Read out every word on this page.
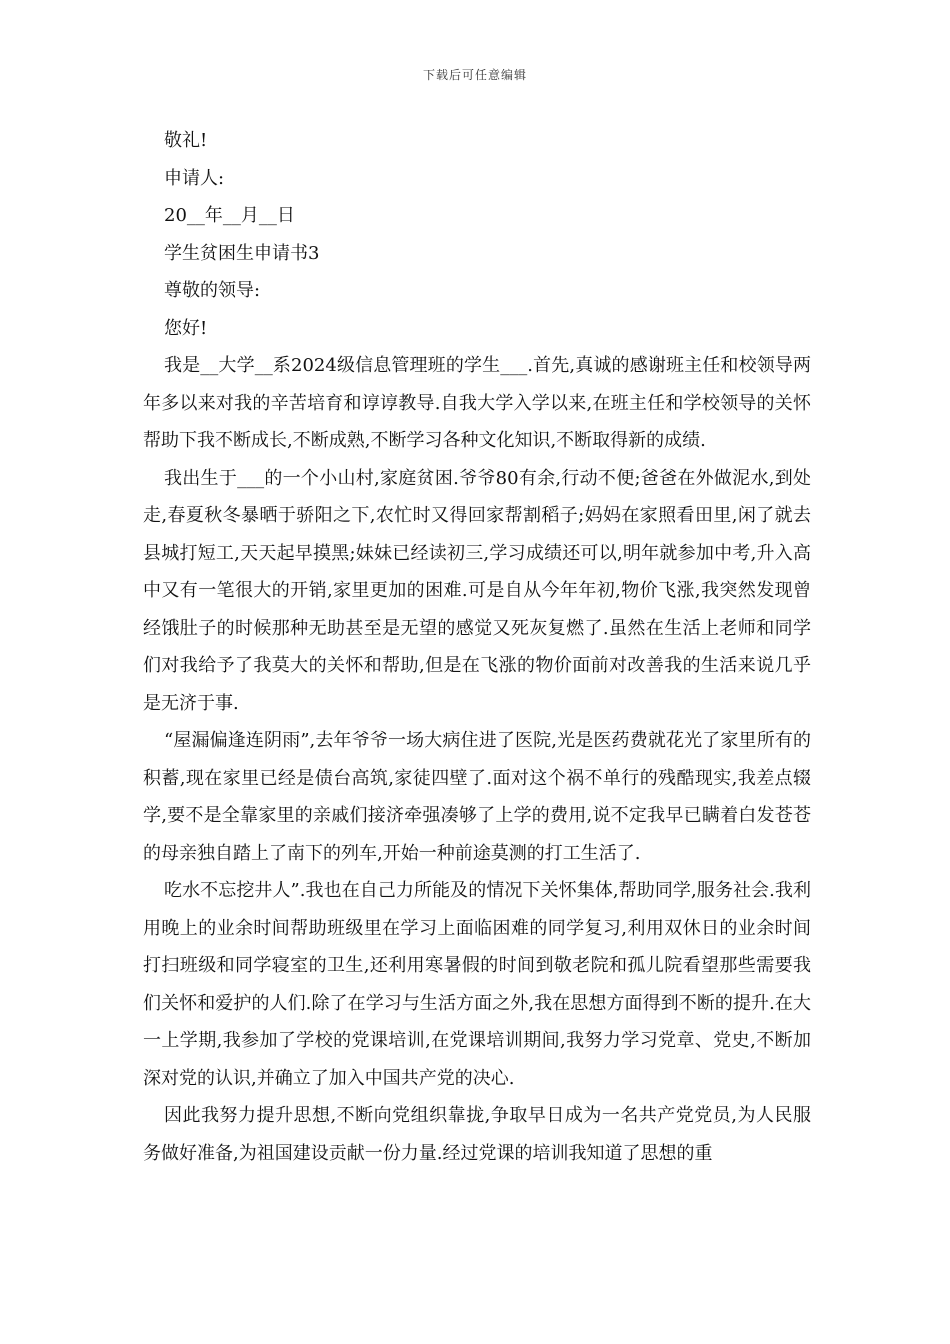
下载后可任意编辑
敬礼!
申请人:
20__年__月__日
学生贫困生申请书3
尊敬的领导:
您好!

我是__大学__系2024级信息管理班的学生___.首先,真诚的感谢班主任和校领导两年多以来对我的辛苦培育和谆谆教导.自我大学入学以来,在班主任和学校领导的关怀帮助下我不断成长,不断成熟,不断学习各种文化知识,不断取得新的成绩.

我出生于___的一个小山村,家庭贫困.爷爷80有余,行动不便;爸爸在外做泥水,到处走,春夏秋冬暴晒于骄阳之下,农忙时又得回家帮割稻子;妈妈在家照看田里,闲了就去县城打短工,天天起早摸黑;妹妹已经读初三,学习成绩还可以,明年就参加中考,升入高中又有一笔很大的开销,家里更加的困难.可是自从今年年初,物价飞涨,我突然发现曾经饿肚子的时候那种无助甚至是无望的感觉又死灰复燃了.虽然在生活上老师和同学们对我给予了我莫大的关怀和帮助,但是在飞涨的物价面前对改善我的生活来说几乎是无济于事.

“屋漏偏逢连阴雨”,去年爷爷一场大病住进了医院,光是医药费就花光了家里所有的积蓄,现在家里已经是债台高筑,家徒四壁了.面对这个祸不单行的残酷现实,我差点辍学,要不是全靠家里的亲戚们接济牵强凑够了上学的费用,说不定我早已瞒着白发苍苍的母亲独自踏上了南下的列车,开始一种前途莫测的打工生活了.

吃水不忘挖井人”.我也在自己力所能及的情况下关怀集体,帮助同学,服务社会.我利用晚上的业余时间帮助班级里在学习上面临困难的同学复习,利用双休日的业余时间打扫班级和同学寝室的卫生,还利用寒暑假的时间到敬老院和孤儿院看望那些需要我们关怀和爱护的人们.除了在学习与生活方面之外,我在思想方面得到不断的提升.在大一上学期,我参加了学校的党课培训,在党课培训期间,我努力学习党章、党史,不断加深对党的认识,并确立了加入中国共产党的决心.

因此我努力提升思想,不断向党组织靠拢,争取早日成为一名共产党党员,为人民服务做好准备,为祖国建设贡献一份力量.经过党课的培训我知道了思想的重
